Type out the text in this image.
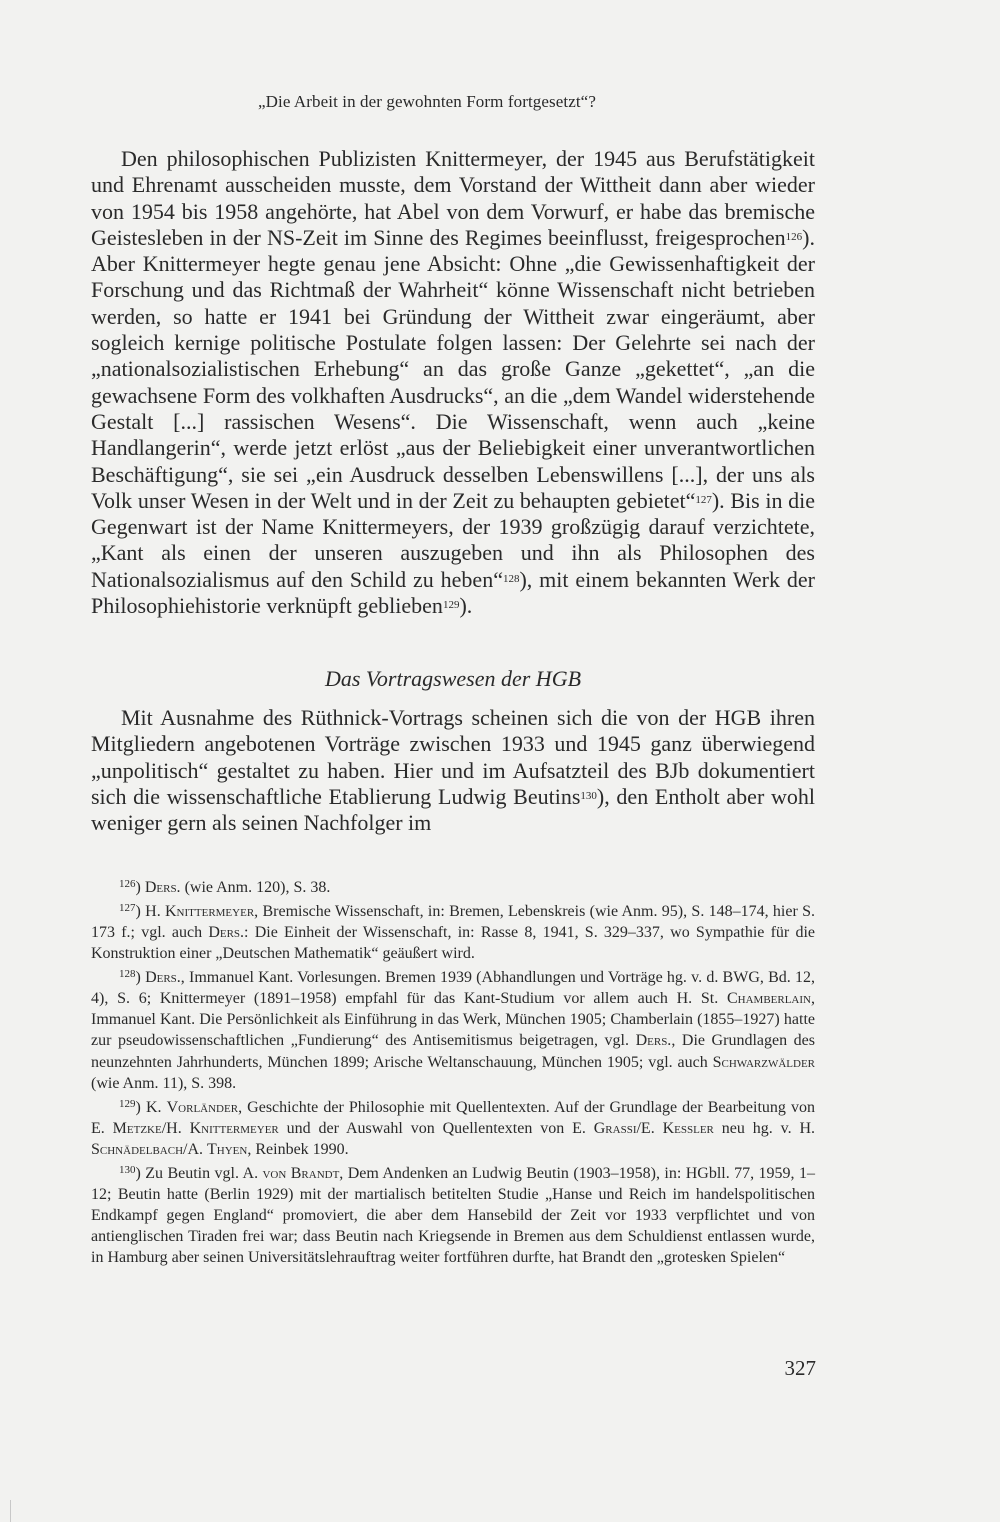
„Die Arbeit in der gewohnten Form fortgesetzt“?

Den philosophischen Publizisten Knittermeyer, der 1945 aus Berufstätigkeit und Ehrenamt ausscheiden musste, dem Vorstand der Wittheit dann aber wieder von 1954 bis 1958 angehörte, hat Abel von dem Vorwurf, er habe das bremische Geistesleben in der NS-Zeit im Sinne des Regimes beeinflusst, freigesprochen$^{126}$). Aber Knittermeyer hegte genau jene Absicht: Ohne „die Gewissenhaftigkeit der Forschung und das Richtmaß der Wahrheit“ könne Wissenschaft nicht betrieben werden, so hatte er 1941 bei Gründung der Wittheit zwar eingeräumt, aber sogleich kernige politische Postulate folgen lassen: Der Gelehrte sei nach der „nationalsozialistischen Erhebung“ an das große Ganze „gekettet“, „an die gewachsene Form des volkhaften Ausdrucks“, an die „dem Wandel widerstehende Gestalt [...] rassischen Wesens“. Die Wissenschaft, wenn auch „keine Handlangerin“, werde jetzt erlöst „aus der Beliebigkeit einer unverantwortlichen Beschäftigung“, sie sei „ein Ausdruck desselben Lebenswillens [...], der uns als Volk unser Wesen in der Welt und in der Zeit zu behaupten gebietet“$^{127}$). Bis in die Gegenwart ist der Name Knittermeyers, der 1939 großzügig darauf verzichtete, „Kant als einen der unseren auszugeben und ihn als Philosophen des Nationalsozialismus auf den Schild zu heben“$^{128}$), mit einem bekannten Werk der Philosophiehistorie verknüpft geblieben$^{129}$).

Das Vortragswesen der HGB

Mit Ausnahme des Rüthnick-Vortrags scheinen sich die von der HGB ihren Mitgliedern angebotenen Vorträge zwischen 1933 und 1945 ganz überwiegend „unpolitisch“ gestaltet zu haben. Hier und im Aufsatzteil des BJb dokumentiert sich die wissenschaftliche Etablierung Ludwig Beutins$^{130}$), den Entholt aber wohl weniger gern als seinen Nachfolger im

$^{126}$) Ders. (wie Anm. 120), S. 38.

$^{127}$) H. Knittermeyer, Bremische Wissenschaft, in: Bremen, Lebenskreis (wie Anm. 95), S. 148–174, hier S. 173 f.; vgl. auch Ders.: Die Einheit der Wissenschaft, in: Rasse 8, 1941, S. 329–337, wo Sympathie für die Konstruktion einer „Deutschen Mathematik“ geäußert wird.

$^{128}$) Ders., Immanuel Kant. Vorlesungen. Bremen 1939 (Abhandlungen und Vorträge hg. v. d. BWG, Bd. 12, 4), S. 6; Knittermeyer (1891–1958) empfahl für das Kant-Studium vor allem auch H. St. Chamberlain, Immanuel Kant. Die Persönlichkeit als Einführung in das Werk, München 1905; Chamberlain (1855–1927) hatte zur pseudowissenschaftlichen „Fundierung“ des Antisemitismus beigetragen, vgl. Ders., Die Grundlagen des neunzehnten Jahrhunderts, München 1899; Arische Weltanschauung, München 1905; vgl. auch Schwarzwälder (wie Anm. 11), S. 398.

$^{129}$) K. Vorländer, Geschichte der Philosophie mit Quellentexten. Auf der Grundlage der Bearbeitung von E. Metzke/H. Knittermeyer und der Auswahl von Quellentexten von E. Grassi/E. Kessler neu hg. v. H. Schnädelbach/A. Thyen, Reinbek 1990.

$^{130}$) Zu Beutin vgl. A. von Brandt, Dem Andenken an Ludwig Beutin (1903–1958), in: HGbll. 77, 1959, 1–12; Beutin hatte (Berlin 1929) mit der martialisch betitelten Studie „Hanse und Reich im handelspolitischen Endkampf gegen England“ promoviert, die aber dem Hansebild der Zeit vor 1933 verpflichtet und von antienglischen Tiraden frei war; dass Beutin nach Kriegsende in Bremen aus dem Schuldienst entlassen wurde, in Hamburg aber seinen Universitätslehrauftrag weiter fortführen durfte, hat Brandt den „grotesken Spielen“

327
